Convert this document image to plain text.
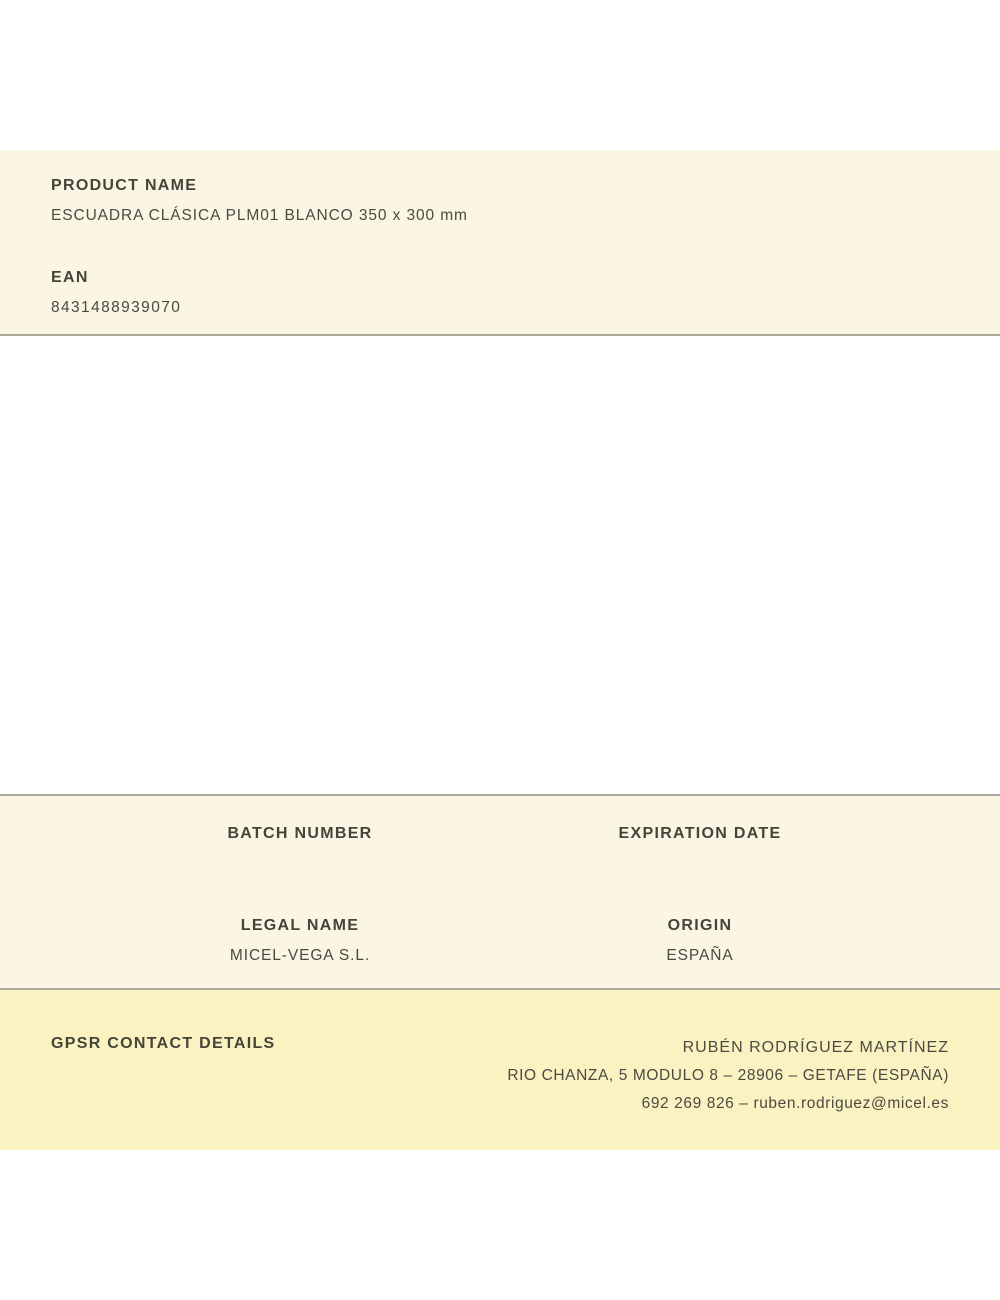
PRODUCT NAME
ESCUADRA CLÁSICA PLM01 BLANCO 350 x 300 mm
EAN
8431488939070
BATCH NUMBER
LEGAL NAME
MICEL-VEGA S.L.
EXPIRATION DATE
ORIGIN
ESPAÑA
GPSR CONTACT DETAILS	RUBÉN RODRÍGUEZ MARTÍNEZ
RIO CHANZA, 5 MODULO 8 – 28906 – GETAFE (ESPAÑA)
692 269 826 – ruben.rodriguez@micel.es
